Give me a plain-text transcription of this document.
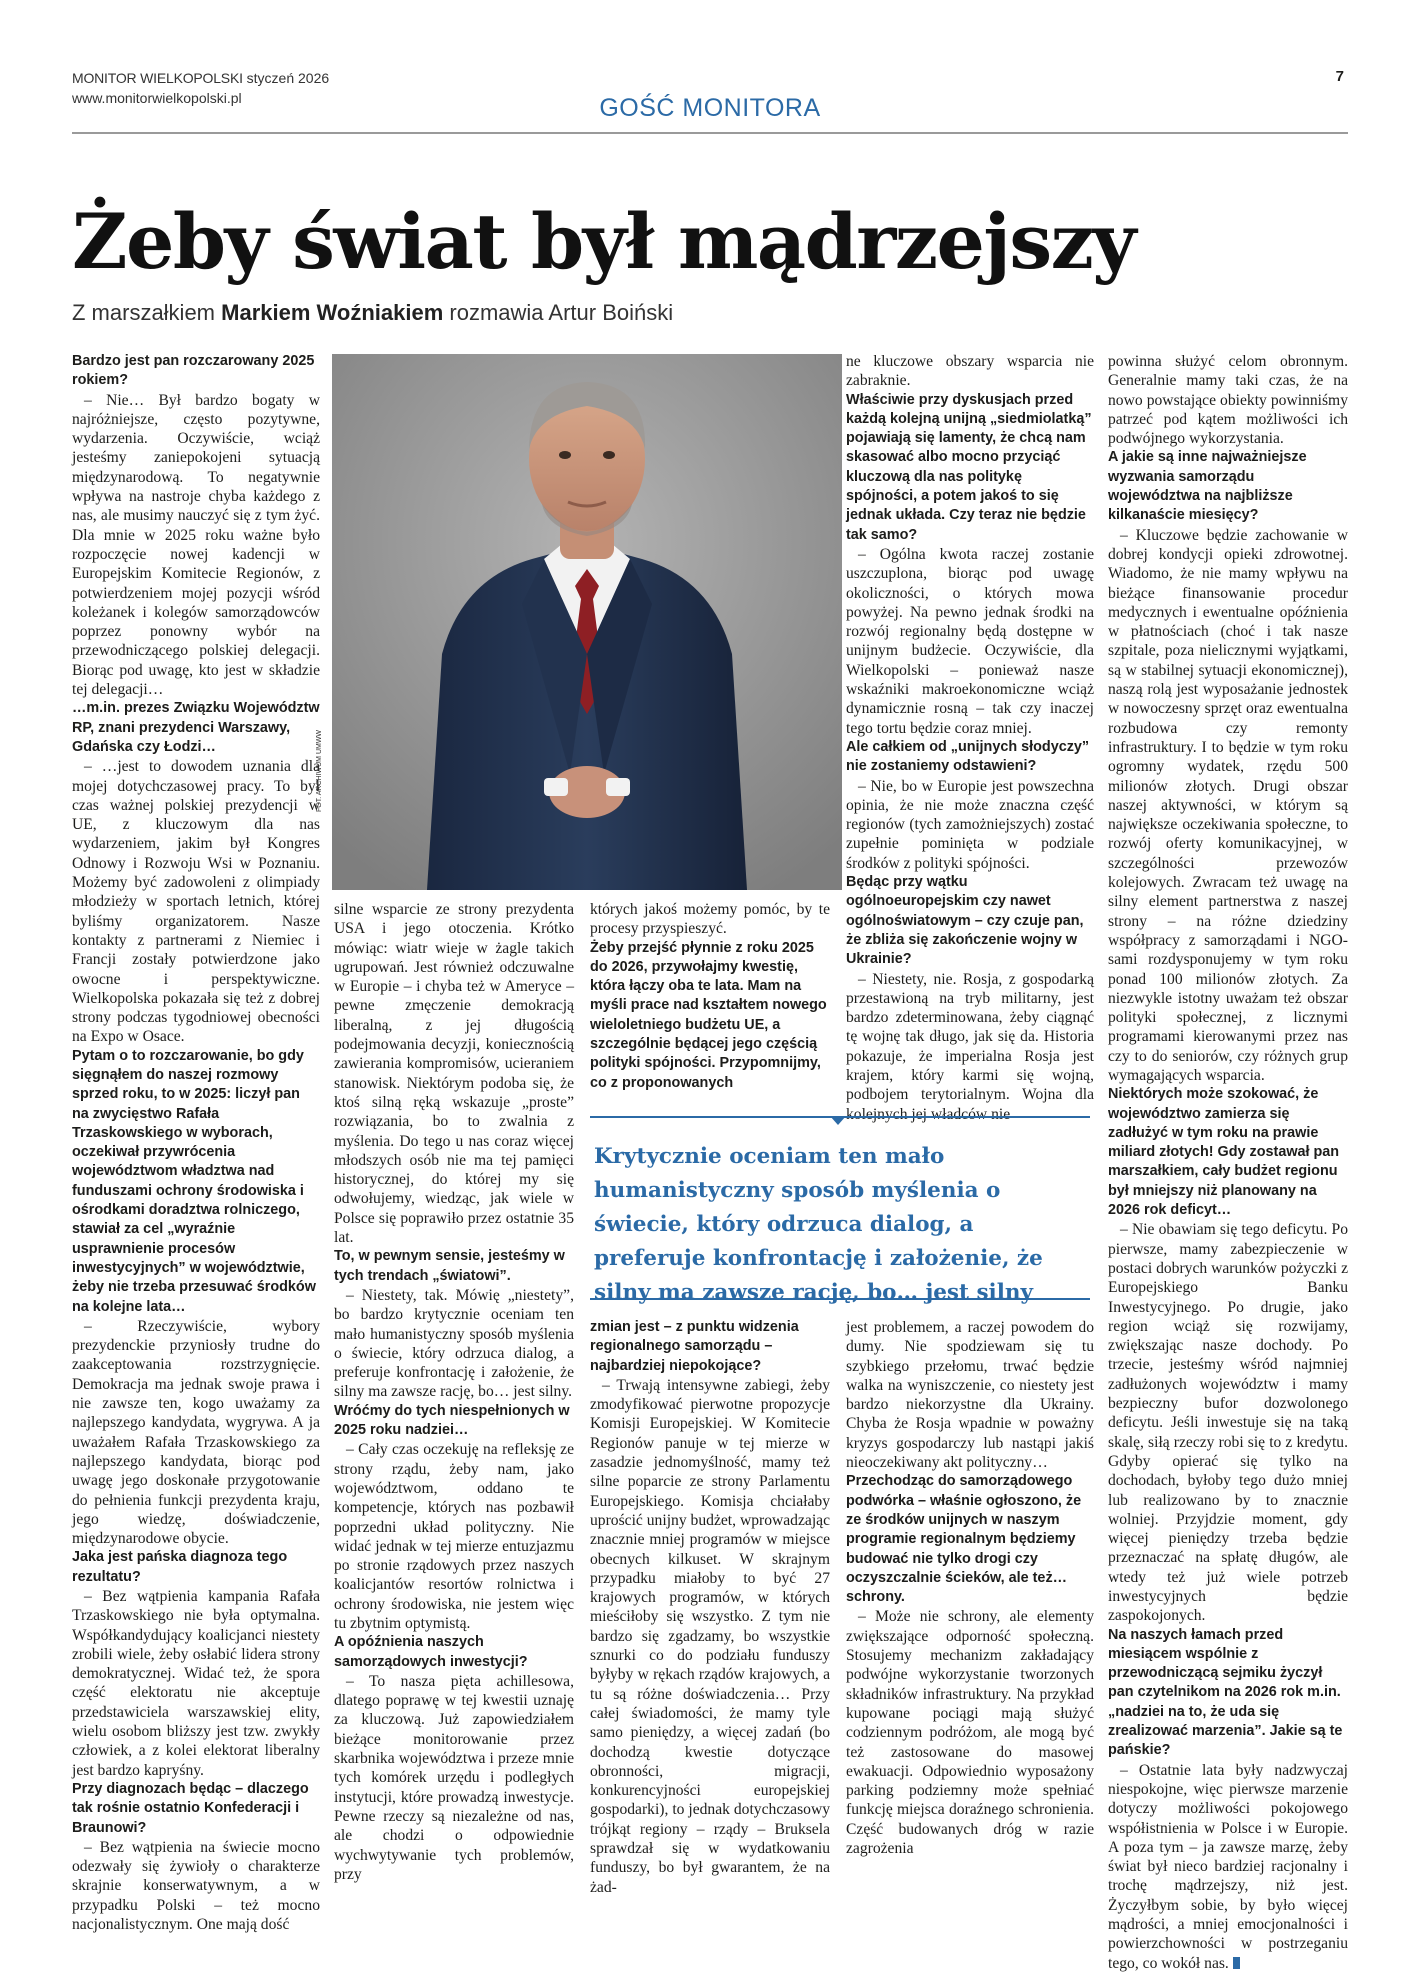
MONITOR WIELKOPOLSKI styczeń 2026
www.monitorwielkopolski.pl
7
GOŚĆ MONITORA
Żeby świat był mądrzejszy
Z marszałkiem Markiem Woźniakiem rozmawia Artur Boiński

Bardzo jest pan rozczarowany 2025 rokiem?

– Nie… Był bardzo bogaty w najróżniejsze, często pozytywne, wydarzenia. Oczywiście, wciąż jesteśmy zaniepokojeni sytuacją międzynarodową. To negatywnie wpływa na nastroje chyba każdego z nas, ale musimy nauczyć się z tym żyć. Dla mnie w 2025 roku ważne było rozpoczęcie nowej kadencji w Europejskim Komitecie Regionów, z potwierdzeniem mojej pozycji wśród koleżanek i kolegów samorządowców poprzez ponowny wybór na przewodniczącego polskiej delegacji. Biorąc pod uwagę, kto jest w składzie tej delegacji…

…m.in. prezes Związku Województw RP, znani prezydenci Warszawy, Gdańska czy Łodzi…

– …jest to dowodem uznania dla mojej dotychczasowej pracy. To był czas ważnej polskiej prezydencji w UE, z kluczowym dla nas wydarzeniem, jakim był Kongres Odnowy i Rozwoju Wsi w Poznaniu. Możemy być zadowoleni z olimpiady młodzieży w sportach letnich, której byliśmy organizatorem. Nasze kontakty z partnerami z Niemiec i Francji zostały potwierdzone jako owocne i perspektywiczne. Wielkopolska pokazała się też z dobrej strony podczas tygodniowej obecności na Expo w Osace.

Pytam o to rozczarowanie, bo gdy sięgnąłem do naszej rozmowy sprzed roku, to w 2025: liczył pan na zwycięstwo Rafała Trzaskowskiego w wyborach, oczekiwał przywrócenia województwom władztwa nad funduszami ochrony środowiska i ośrodkami doradztwa rolniczego, stawiał za cel „wyraźnie usprawnienie procesów inwestycyjnych” w województwie, żeby nie trzeba przesuwać środków na kolejne lata…

– Rzeczywiście, wybory prezydenckie przyniosły trudne do zaakceptowania rozstrzygnięcie. Demokracja ma jednak swoje prawa i nie zawsze ten, kogo uważamy za najlepszego kandydata, wygrywa. A ja uważałem Rafała Trzaskowskiego za najlepszego kandydata, biorąc pod uwagę jego doskonałe przygotowanie do pełnienia funkcji prezydenta kraju, jego wiedzę, doświadczenie, międzynarodowe obycie.

Jaka jest pańska diagnoza tego rezultatu?

– Bez wątpienia kampania Rafała Trzaskowskiego nie była optymalna. Współkandydujący koalicjanci niestety zrobili wiele, żeby osłabić lidera strony demokratycznej. Widać też, że spora część elektoratu nie akceptuje przedstawiciela warszawskiej elity, wielu osobom bliższy jest tzw. zwykły człowiek, a z kolei elektorat liberalny jest bardzo kapryśny.

Przy diagnozach będąc – dlaczego tak rośnie ostatnio Konfederacji i Braunowi?

– Bez wątpienia na świecie mocno odezwały się żywioły o charakterze skrajnie konserwatywnym, a w przypadku Polski – też mocno nacjonalistycznym. One mają dość

silne wsparcie ze strony prezydenta USA i jego otoczenia. Krótko mówiąc: wiatr wieje w żagle takich ugrupowań. Jest również odczuwalne w Europie – i chyba też w Ameryce – pewne zmęczenie demokracją liberalną, z jej długością podejmowania decyzji, koniecznością zawierania kompromisów, ucieraniem stanowisk. Niektórym podoba się, że ktoś silną ręką wskazuje „proste” rozwiązania, bo to zwalnia z myślenia. Do tego u nas coraz więcej młodszych osób nie ma tej pamięci historycznej, do której my się odwołujemy, wiedząc, jak wiele w Polsce się poprawiło przez ostatnie 35 lat.

To, w pewnym sensie, jesteśmy w tych trendach „światowi”.

– Niestety, tak. Mówię „niestety”, bo bardzo krytycznie oceniam ten mało humanistyczny sposób myślenia o świecie, który odrzuca dialog, a preferuje konfrontację i założenie, że silny ma zawsze rację, bo… jest silny.

Wróćmy do tych niespełnionych w 2025 roku nadziei…

– Cały czas oczekuję na refleksję ze strony rządu, żeby nam, jako województwom, oddano te kompetencje, których nas pozbawił poprzedni układ polityczny. Nie widać jednak w tej mierze entuzjazmu po stronie rządowych przez naszych koalicjantów resortów rolnictwa i ochrony środowiska, nie jestem więc tu zbytnim optymistą.

A opóźnienia naszych samorządowych inwestycji?

– To nasza pięta achillesowa, dlatego poprawę w tej kwestii uznaję za kluczową. Już zapowiedziałem bieżące monitorowanie przez skarbnika województwa i przeze mnie tych komórek urzędu i podległych instytucji, które prowadzą inwestycje. Pewne rzeczy są niezależne od nas, ale chodzi o odpowiednie wychwytywanie tych problemów, przy

których jakoś możemy pomóc, by te procesy przyspieszyć.

Żeby przejść płynnie z roku 2025 do 2026, przywołajmy kwestię, która łączy oba te lata. Mam na myśli prace nad kształtem nowego wieloletniego budżetu UE, a szczególnie będącej jego częścią polityki spójności. Przypomnijmy, co z proponowanych

zmian jest – z punktu widzenia regionalnego samorządu – najbardziej niepokojące?

– Trwają intensywne zabiegi, żeby zmodyfikować pierwotne propozycje Komisji Europejskiej. W Komitecie Regionów panuje w tej mierze w zasadzie jednomyślność, mamy też silne poparcie ze strony Parlamentu Europejskiego. Komisja chciałaby uprościć unijny budżet, wprowadzając znacznie mniej programów w miejsce obecnych kilkuset. W skrajnym przypadku miałoby to być 27 krajowych programów, w których mieściłoby się wszystko. Z tym nie bardzo się zgadzamy, bo wszystkie sznurki co do podziału funduszy byłyby w rękach rządów krajowych, a tu są różne doświadczenia… Przy całej świadomości, że mamy tyle samo pieniędzy, a więcej zadań (bo dochodzą kwestie dotyczące obronności, migracji, konkurencyjności europejskiej gospodarki), to jednak dotychczasowy trójkąt regiony – rządy – Bruksela sprawdzał się w wydatkowaniu funduszy, bo był gwarantem, że na żad-

ne kluczowe obszary wsparcia nie zabraknie.

Właściwie przy dyskusjach przed każdą kolejną unijną „siedmiolatką” pojawiają się lamenty, że chcą nam skasować albo mocno przyciąć kluczową dla nas politykę spójności, a potem jakoś to się jednak układa. Czy teraz nie będzie tak samo?

– Ogólna kwota raczej zostanie uszczuplona, biorąc pod uwagę okoliczności, o których mowa powyżej. Na pewno jednak środki na rozwój regionalny będą dostępne w unijnym budżecie. Oczywiście, dla Wielkopolski – ponieważ nasze wskaźniki makroekonomiczne wciąż dynamicznie rosną – tak czy inaczej tego tortu będzie coraz mniej.

Ale całkiem od „unijnych słodyczy” nie zostaniemy odstawieni?

– Nie, bo w Europie jest powszechna opinia, że nie może znaczna część regionów (tych zamożniejszych) zostać zupełnie pominięta w podziale środków z polityki spójności.

Będąc przy wątku ogólnoeuropejskim czy nawet ogólnoświatowym – czy czuje pan, że zbliża się zakończenie wojny w Ukrainie?

– Niestety, nie. Rosja, z gospodarką przestawioną na tryb militarny, jest bardzo zdeterminowana, żeby ciągnąć tę wojnę tak długo, jak się da. Historia pokazuje, że imperialna Rosja jest krajem, który karmi się wojną, podbojem terytorialnym. Wojna dla kolejnych jej władców nie

jest problemem, a raczej powodem do dumy. Nie spodziewam się tu szybkiego przełomu, trwać będzie walka na wyniszczenie, co niestety jest bardzo niekorzystne dla Ukrainy. Chyba że Rosja wpadnie w poważny kryzys gospodarczy lub nastąpi jakiś nieoczekiwany akt polityczny…

Przechodząc do samorządowego podwórka – właśnie ogłoszono, że ze środków unijnych w naszym programie regionalnym będziemy budować nie tylko drogi czy oczyszczalnie ścieków, ale też… schrony.

– Może nie schrony, ale elementy zwiększające odporność społeczną. Stosujemy mechanizm zakładający podwójne wykorzystanie tworzonych składników infrastruktury. Na przykład kupowane pociągi mają służyć codziennym podróżom, ale mogą być też zastosowane do masowej ewakuacji. Odpowiednio wyposażony parking podziemny może spełniać funkcję miejsca doraźnego schronienia. Część budowanych dróg w razie zagrożenia

powinna służyć celom obronnym. Generalnie mamy taki czas, że na nowo powstające obiekty powinniśmy patrzeć pod kątem możliwości ich podwójnego wykorzystania.

A jakie są inne najważniejsze wyzwania samorządu województwa na najbliższe kilkanaście miesięcy?

– Kluczowe będzie zachowanie w dobrej kondycji opieki zdrowotnej. Wiadomo, że nie mamy wpływu na bieżące finansowanie procedur medycznych i ewentualne opóźnienia w płatnościach (choć i tak nasze szpitale, poza nielicznymi wyjątkami, są w stabilnej sytuacji ekonomicznej), naszą rolą jest wyposażanie jednostek w nowoczesny sprzęt oraz ewentualna rozbudowa czy remonty infrastruktury. I to będzie w tym roku ogromny wydatek, rzędu 500 milionów złotych. Drugi obszar naszej aktywności, w którym są największe oczekiwania społeczne, to rozwój oferty komunikacyjnej, w szczególności przewozów kolejowych. Zwracam też uwagę na silny element partnerstwa z naszej strony – na różne dziedziny współpracy z samorządami i NGO-sami rozdysponujemy w tym roku ponad 100 milionów złotych. Za niezwykle istotny uważam też obszar polityki społecznej, z licznymi programami kierowanymi przez nas czy to do seniorów, czy różnych grup wymagających wsparcia.

Niektórych może szokować, że województwo zamierza się zadłużyć w tym roku na prawie miliard złotych! Gdy zostawał pan marszałkiem, cały budżet regionu był mniejszy niż planowany na 2026 rok deficyt…

– Nie obawiam się tego deficytu. Po pierwsze, mamy zabezpieczenie w postaci dobrych warunków pożyczki z Europejskiego Banku Inwestycyjnego. Po drugie, jako region wciąż się rozwijamy, zwiększając nasze dochody. Po trzecie, jesteśmy wśród najmniej zadłużonych województw i mamy bezpieczny bufor dozwolonego deficytu. Jeśli inwestuje się na taką skalę, siłą rzeczy robi się to z kredytu. Gdyby opierać się tylko na dochodach, byłoby tego dużo mniej lub realizowano by to znacznie wolniej. Przyjdzie moment, gdy więcej pieniędzy trzeba będzie przeznaczać na spłatę długów, ale wtedy też już wiele potrzeb inwestycyjnych będzie zaspokojonych.

Na naszych łamach przed miesiącem wspólnie z przewodniczącą sejmiku życzył pan czytelnikom na 2026 rok m.in. „nadziei na to, że uda się zrealizować marzenia”. Jakie są te pańskie?

– Ostatnie lata były nadzwyczaj niespokojne, więc pierwsze marzenie dotyczy możliwości pokojowego współistnienia w Polsce i w Europie. A poza tym – ja zawsze marzę, żeby świat był nieco bardziej racjonalny i trochę mądrzejszy, niż jest. Życzyłbym sobie, by było więcej mądrości, a mniej emocjonalności i powierzchowności w postrzeganiu tego, co wokół nas.

FOT. ARCHIWUM UMWW

Krytycznie oceniam ten mało humanistyczny sposób myślenia o świecie, który odrzuca dialog, a preferuje konfrontację i założenie, że silny ma zawsze rację, bo… jest silny
